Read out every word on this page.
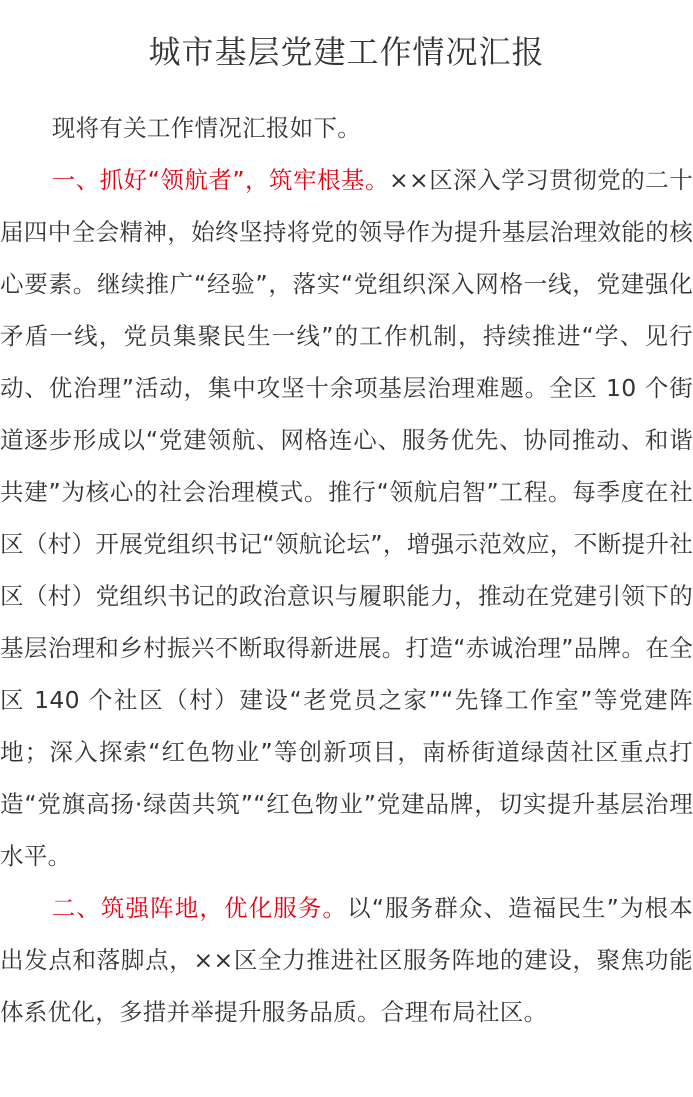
城市基层党建工作情况汇报

现将有关工作情况汇报如下。

一、抓好“领航者”，筑牢根基。××区深入学习贯彻党的二十届四中全会精神，始终坚持将党的领导作为提升基层治理效能的核心要素。继续推广“经验”，落实“党组织深入网格一线，党建强化矛盾一线，党员集聚民生一线”的工作机制，持续推进“学、见行动、优治理”活动，集中攻坚十余项基层治理难题。全区 10 个街道逐步形成以“党建领航、网格连心、服务优先、协同推动、和谐共建”为核心的社会治理模式。推行“领航启智”工程。每季度在社区（村）开展党组织书记“领航论坛”，增强示范效应，不断提升社区（村）党组织书记的政治意识与履职能力，推动在党建引领下的基层治理和乡村振兴不断取得新进展。打造“赤诚治理”品牌。在全区 140 个社区（村）建设“老党员之家”“先锋工作室”等党建阵地；深入探索“红色物业”等创新项目，南桥街道绿茵社区重点打造“党旗高扬·绿茵共筑”“红色物业”党建品牌，切实提升基层治理水平。

二、筑强阵地，优化服务。以“服务群众、造福民生”为根本出发点和落脚点，××区全力推进社区服务阵地的建设，聚焦功能体系优化，多措并举提升服务品质。合理布局社区。
